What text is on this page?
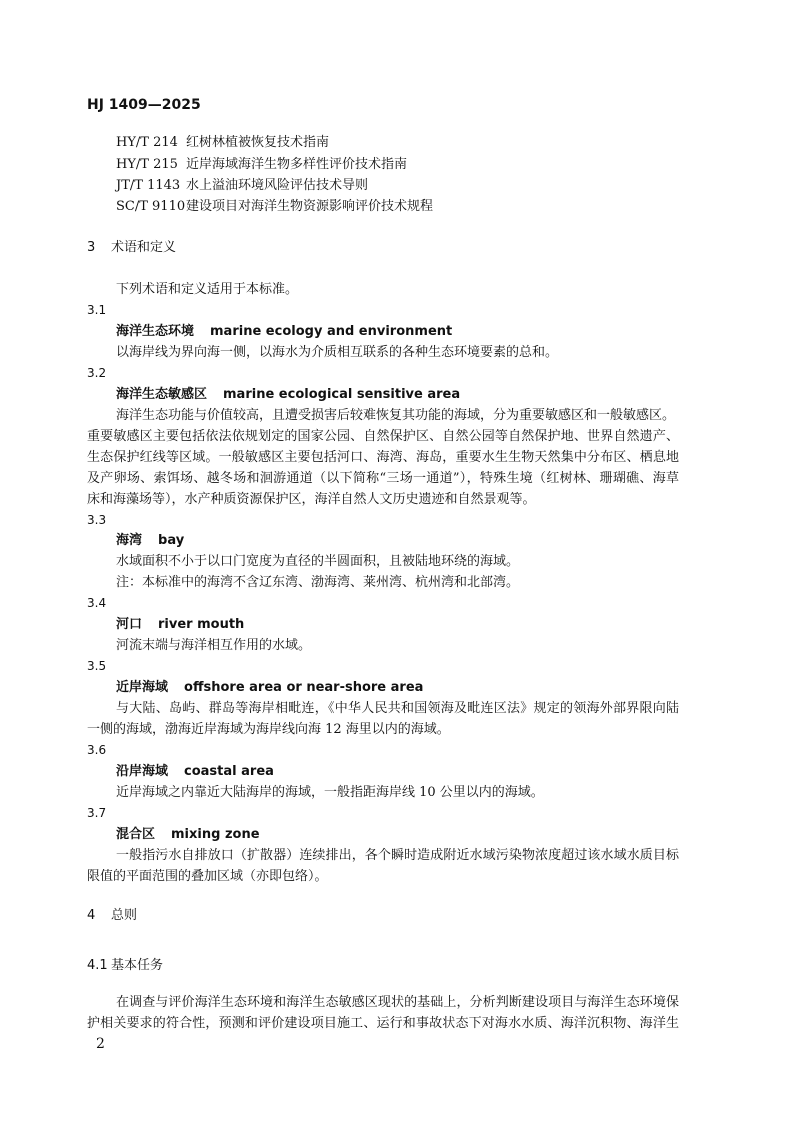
HJ 1409—2025
HY/T 214 红树林植被恢复技术指南
HY/T 215 近岸海域海洋生物多样性评价技术指南
JT/T 1143 水上溢油环境风险评估技术导则
SC/T 9110建设项目对海洋生物资源影响评价技术规程
3 术语和定义
下列术语和定义适用于本标准。
3.1
海洋生态环境 marine ecology and environment
以海岸线为界向海一侧，以海水为介质相互联系的各种生态环境要素的总和。
3.2
海洋生态敏感区 marine ecological sensitive area
海洋生态功能与价值较高，且遭受损害后较难恢复其功能的海域，分为重要敏感区和一般敏感区。
重要敏感区主要包括依法依规划定的国家公园、自然保护区、自然公园等自然保护地、世界自然遗产、
生态保护红线等区域。一般敏感区主要包括河口、海湾、海岛，重要水生生物天然集中分布区、栖息地
及产卵场、索饵场、越冬场和洄游通道（以下简称“三场一通道”），特殊生境（红树林、珊瑚礁、海草
床和海藻场等），水产种质资源保护区，海洋自然人文历史遗迹和自然景观等。
3.3
海湾 bay
水域面积不小于以口门宽度为直径的半圆面积，且被陆地环绕的海域。
注：本标准中的海湾不含辽东湾、渤海湾、莱州湾、杭州湾和北部湾。
3.4
河口 river mouth
河流末端与海洋相互作用的水域。
3.5
近岸海域 offshore area or near-shore area
与大陆、岛屿、群岛等海岸相毗连，《中华人民共和国领海及毗连区法》规定的领海外部界限向陆
一侧的海域，渤海近岸海域为海岸线向海 12 海里以内的海域。
3.6
沿岸海域 coastal area
近岸海域之内靠近大陆海岸的海域，一般指距海岸线 10 公里以内的海域。
3.7
混合区 mixing zone
一般指污水自排放口（扩散器）连续排出，各个瞬时造成附近水域污染物浓度超过该水域水质目标
限值的平面范围的叠加区域（亦即包络）。
4 总则
4.1 基本任务
在调查与评价海洋生态环境和海洋生态敏感区现状的基础上，分析判断建设项目与海洋生态环境保
护相关要求的符合性，预测和评价建设项目施工、运行和事故状态下对海水水质、海洋沉积物、海洋生
2
